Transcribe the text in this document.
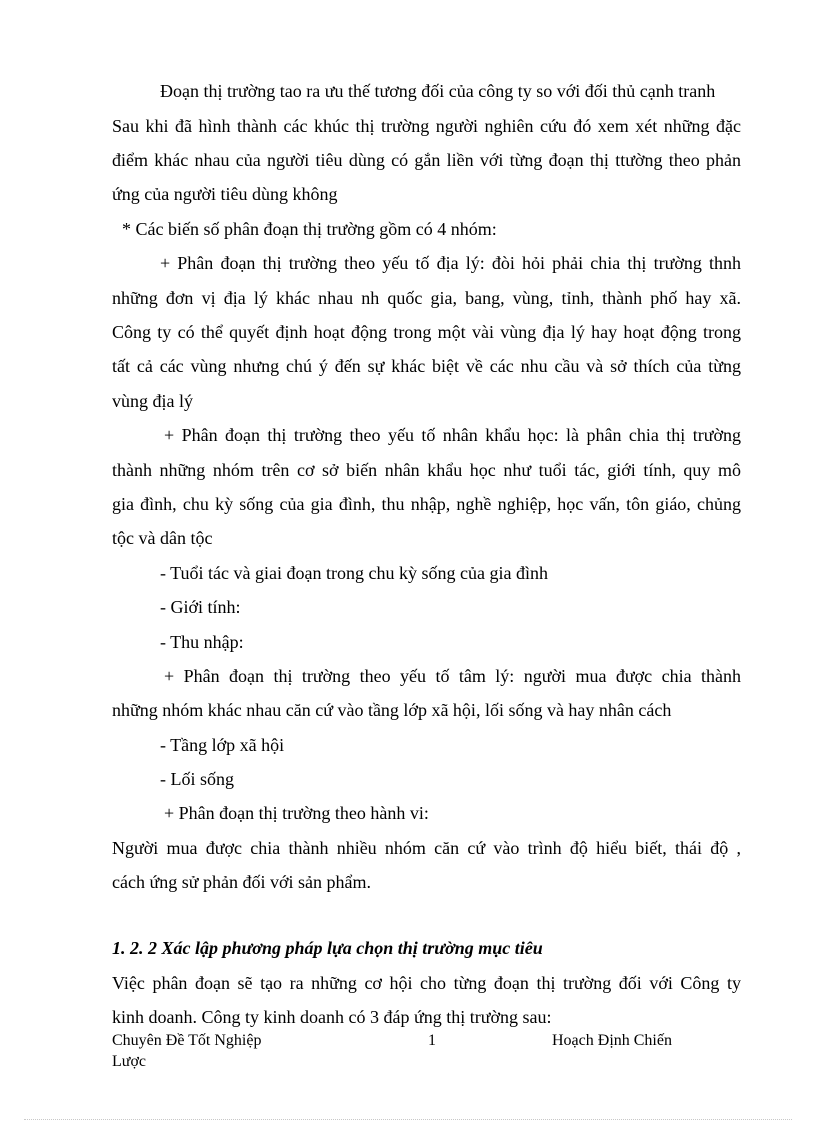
Đoạn thị trường tao ra ưu thế tương đối của công ty so với đối thủ cạnh tranh
Sau khi đã hình thành các khúc thị trường người nghiên cứu đó xem xét những đặc
điểm khác nhau của người tiêu dùng có gắn liền với từng đoạn thị ttường theo phản
ứng của người tiêu dùng không
* Các biến số phân đoạn thị trường gồm có 4 nhóm:
+ Phân đoạn thị trường theo yếu tố địa lý: đòi hỏi phải chia thị trường thnh
những đơn vị địa lý khác nhau nh quốc gia, bang, vùng, tỉnh, thành phố hay xã.
Công ty có thể quyết định hoạt động trong một vài vùng địa lý hay hoạt động trong
tất cả các vùng nhưng chú ý đến sự khác biệt về các nhu cầu và sở thích của từng
vùng địa lý
+ Phân đoạn thị trường theo yếu tố nhân khẩu học: là phân chia thị trường
thành những nhóm trên cơ sở biến nhân khẩu học như tuổi tác, giới tính, quy mô
gia đình, chu kỳ sống của gia đình, thu nhập, nghề nghiệp, học vấn, tôn giáo, chủng
tộc và dân tộc
- Tuổi tác và giai đoạn trong chu kỳ sống của gia đình
- Giới tính:
- Thu nhập:
+ Phân đoạn thị trường theo yếu tố tâm lý: người mua được chia thành
những nhóm khác nhau căn cứ vào tầng lớp xã hội, lối sống và hay nhân cách
- Tầng lớp xã hội
- Lối sống
+ Phân đoạn thị trường theo hành vi:
Người mua được chia thành nhiều nhóm căn cứ vào trình độ hiểu biết, thái độ ,
cách ứng sử phản đối với sản phẩm.
1. 2. 2 Xác lập phương pháp lựa chọn thị trường mục tiêu
Việc phân đoạn sẽ tạo ra những cơ hội cho từng đoạn thị trường đối với Công ty
kinh doanh. Công ty kinh doanh có 3 đáp ứng thị trường sau:
Chuyên Đề Tốt Nghiệp	1	Hoạch Định Chiến
Lược
